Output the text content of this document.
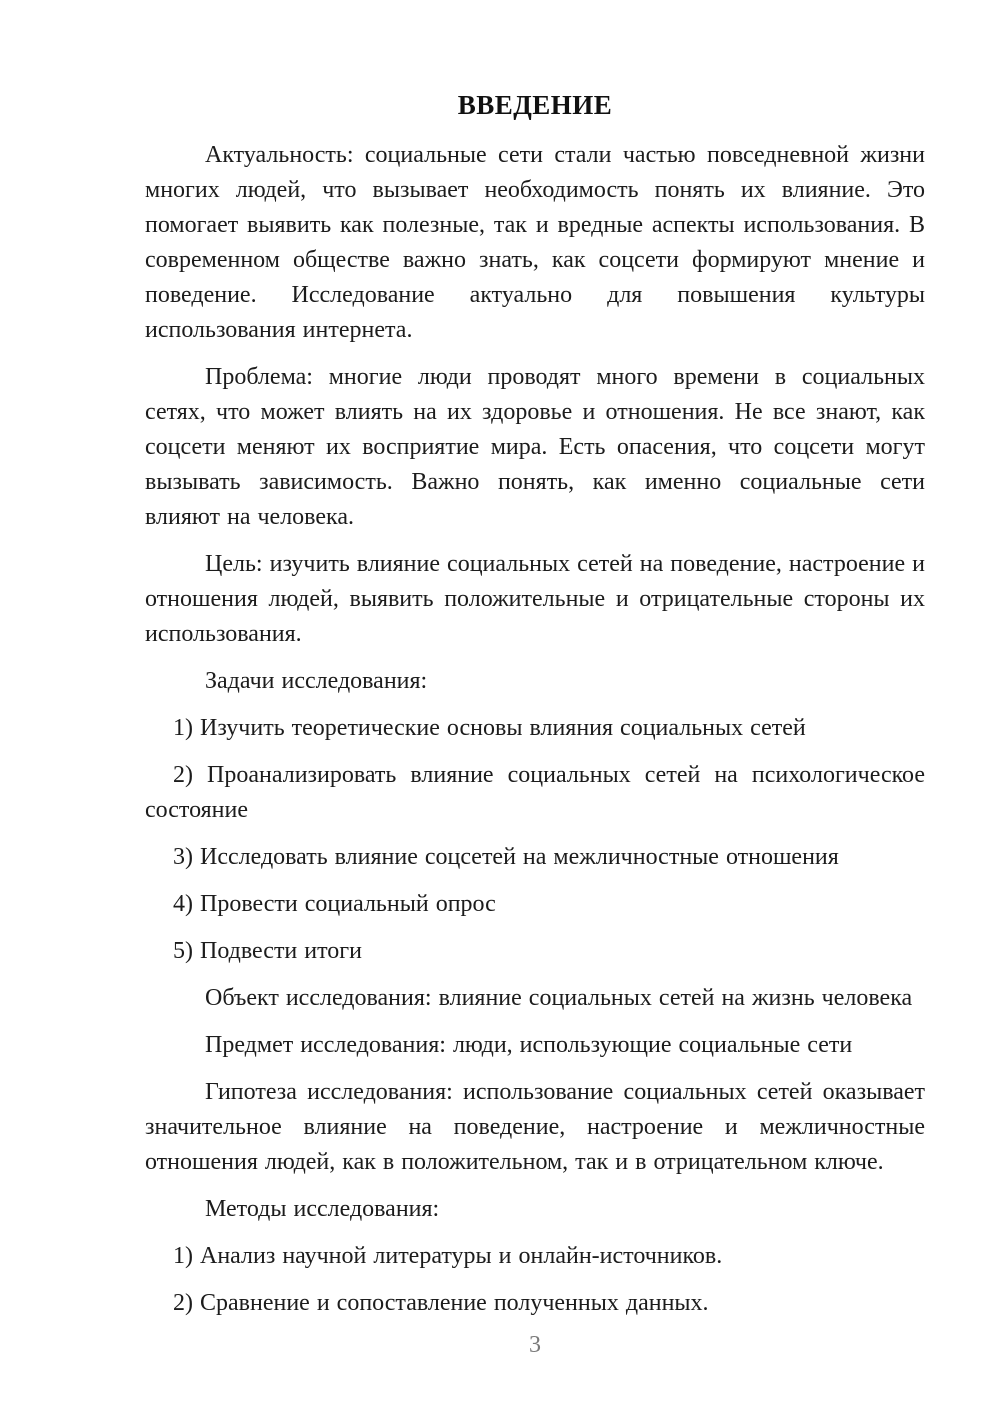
ВВЕДЕНИЕ

Актуальность: социальные сети стали частью повседневной жизни многих людей, что вызывает необходимость понять их влияние. Это помогает выявить как полезные, так и вредные аспекты использования. В современном обществе важно знать, как соцсети формируют мнение и поведение. Исследование актуально для повышения культуры использования интернета.

Проблема: многие люди проводят много времени в социальных сетях, что может влиять на их здоровье и отношения. Не все знают, как соцсети меняют их восприятие мира. Есть опасения, что соцсети могут вызывать зависимость. Важно понять, как именно социальные сети влияют на человека.

Цель: изучить влияние социальных сетей на поведение, настроение и отношения людей, выявить положительные и отрицательные стороны их использования.

Задачи исследования:

1) Изучить теоретические основы влияния социальных сетей

2) Проанализировать влияние социальных сетей на психологическое состояние

3) Исследовать влияние соцсетей на межличностные отношения

4) Провести социальный опрос

5) Подвести итоги

Объект исследования: влияние социальных сетей на жизнь человека

Предмет исследования: люди, использующие социальные сети

Гипотеза исследования: использование социальных сетей оказывает значительное влияние на поведение, настроение и межличностные отношения людей, как в положительном, так и в отрицательном ключе.

Методы исследования:

1) Анализ научной литературы и онлайн-источников.

2) Сравнение и сопоставление полученных данных.

3
